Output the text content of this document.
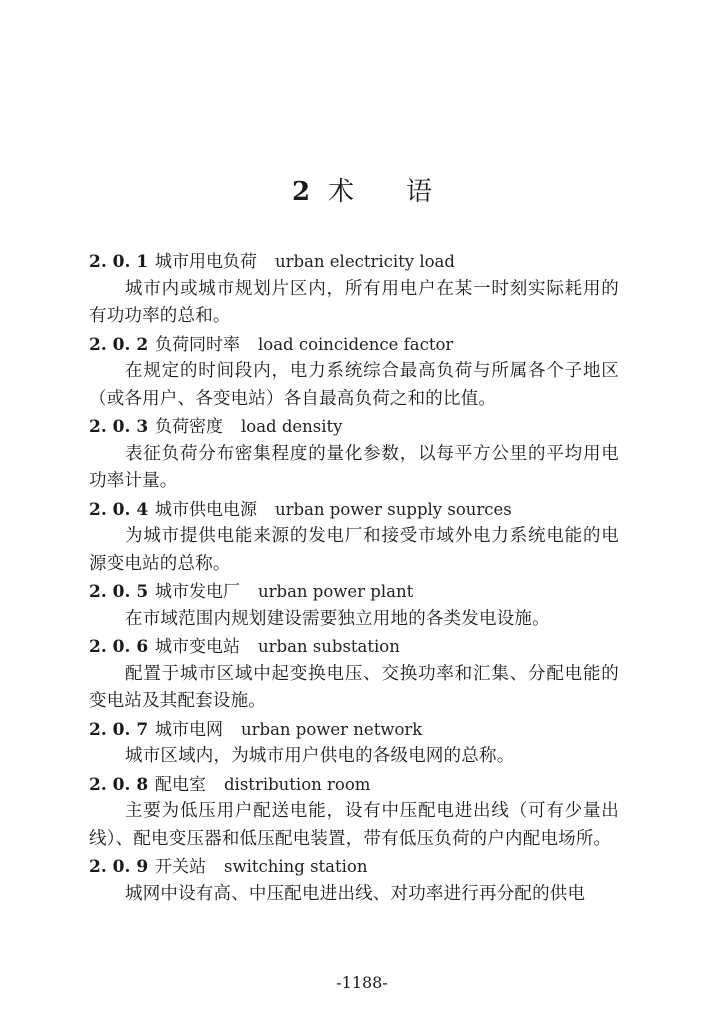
2 术　　语
2. 0. 1 城市用电负荷 urban electricity load

城市内或城市规划片区内，所有用电户在某一时刻实际耗用的有功功率的总和。

2. 0. 2 负荷同时率 load coincidence factor

在规定的时间段内，电力系统综合最高负荷与所属各个子地区（或各用户、各变电站）各自最高负荷之和的比值。

2. 0. 3 负荷密度 load density

表征负荷分布密集程度的量化参数，以每平方公里的平均用电功率计量。

2. 0. 4 城市供电电源 urban power supply sources

为城市提供电能来源的发电厂和接受市域外电力系统电能的电源变电站的总称。

2. 0. 5 城市发电厂 urban power plant

在市域范围内规划建设需要独立用地的各类发电设施。

2. 0. 6 城市变电站 urban substation

配置于城市区域中起变换电压、交换功率和汇集、分配电能的变电站及其配套设施。

2. 0. 7 城市电网 urban power network

城市区域内，为城市用户供电的各级电网的总称。

2. 0. 8 配电室 distribution room

主要为低压用户配送电能，设有中压配电进出线（可有少量出线）、配电变压器和低压配电装置，带有低压负荷的户内配电场所。

2. 0. 9 开关站 switching station

城网中设有高、中压配电进出线、对功率进行再分配的供电

-1188-
